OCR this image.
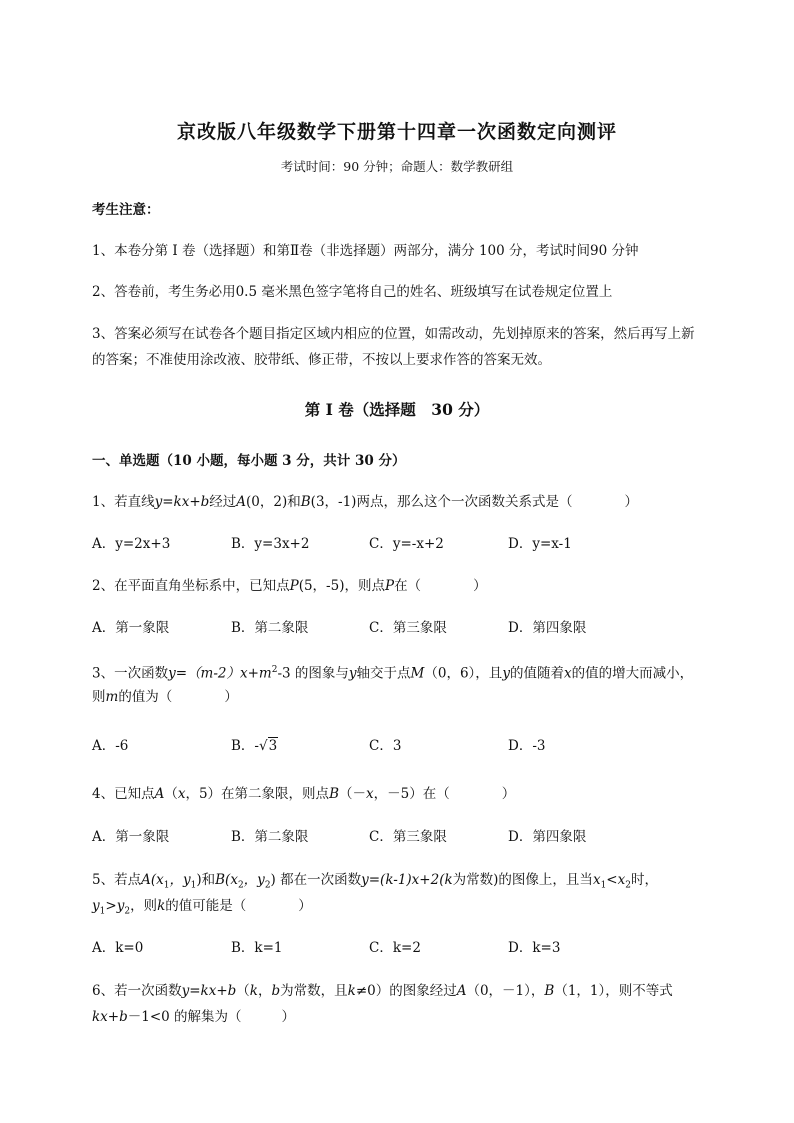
京改版八年级数学下册第十四章一次函数定向测评
考试时间：90 分钟；命题人：数学教研组
考生注意：
1、本卷分第 I 卷（选择题）和第Ⅱ卷（非选择题）两部分，满分 100 分，考试时间90 分钟
2、答卷前，考生务必用0.5 毫米黑色签字笔将自己的姓名、班级填写在试卷规定位置上
3、答案必须写在试卷各个题目指定区域内相应的位置，如需改动，先划掉原来的答案，然后再写上新
的答案；不准使用涂改液、胶带纸、修正带，不按以上要求作答的答案无效。
第 I 卷（选择题　30 分）
一、单选题（10 小题，每小题 3 分，共计 30 分）
1、若直线y=kx+b经过A(0，2)和B(3，-1)两点，那么这个一次函数关系式是（	）
A．y=2x+3	B．y=3x+2	C．y=-x+2	D．y=x-1
2、在平面直角坐标系中，已知点P(5，-5)，则点P在（	）
A．第一象限	B．第二象限	C．第三象限	D．第四象限
3、一次函数$y=(m-2)x+m^2-3$ 的图象与y轴交于点M（0，6），且y的值随着x的值的增大而减小，
则m的值为（	）
A．-6	B．-√3	C．3	D．-3
4、已知点A（x，5）在第二象限，则点B（－x，－5）在（	）
A．第一象限	B．第二象限	C．第三象限	D．第四象限
5、若点$A(x_1$，$y_1$)和$B(x_2$，$y_2$) 都在一次函数y=(k-1)x+2(k为常数)的图像上，且当$x_1<x_2$时，
$y_1>y_2$，则k的值可能是（	）
A．k=0	B．k=1	C．k=2	D．k=3
6、若一次函数y=kx+b（k，b为常数，且k≠0）的图象经过A（0，－1），B（1，1），则不等式
kx+b－1<0 的解集为（	）
